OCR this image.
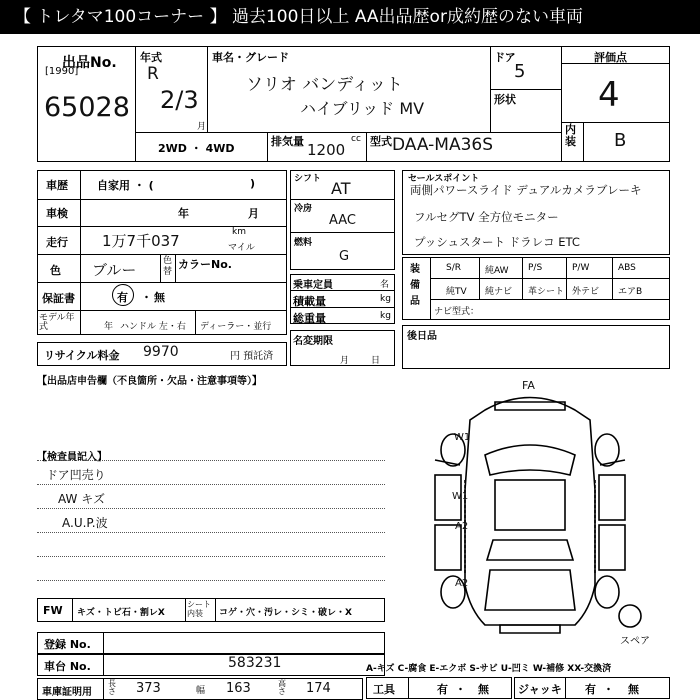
【 トレタマ100コーナー 】 過去100日以上 AA出品歴or成約歴のない車両
[1990]
出品No.
65028
年式
R
2/3
月
車名・グレード
ソリオ バンディット
ハイブリッド MV
ドア
5
形状
評価点
4
内装 B
2WD ・ 4WD
排気量	cc
1200 型式 DAA-MA36S
車歴	自家用 ・ (	)
車検	年	月
走行 1万7千037	km
マイル
色 ブルー	色替
カラーNo.
保証書	有 ・ 無
モデル年式	年 ハンドル 左・右 ディーラー・並行
リサイクル料金 9970	円 預託済
【出品店申告欄（不良箇所・欠品・注意事項等）】
シフト AT
冷房
AAC
燃料
G
乗車定員	名
積載量	kg
総重量	kg
名変期限
月日
セールスポイント
両側パワースライド デュアルカメラブレーキ
フルセグTV 全方位モニター
プッシュスタート ドラレコ ETC
装備品
S/R	純AW P/S	P/W	ABS
純TV 純ナビ 革シート 外テビ エアB
ナビ型式：
後日品
【検査員記入】
ドア凹売り
AW キズ
A.U.P.波
FA
W1
W1
A2
A2
スペア
FW キズ・トビ石・割レX
シート内装	コゲ・穴・汚レ・シミ・破レ・X
登録 No.
車台 No.	583231
車庫証明用
長さ 373	幅 163	高さ 174
A-キズ C-腐食 E-エクボ S-サビ U-凹ミ W-補修 XX-交換済
工具	有 ・ 無	ジャッキ 有 ・ 無
